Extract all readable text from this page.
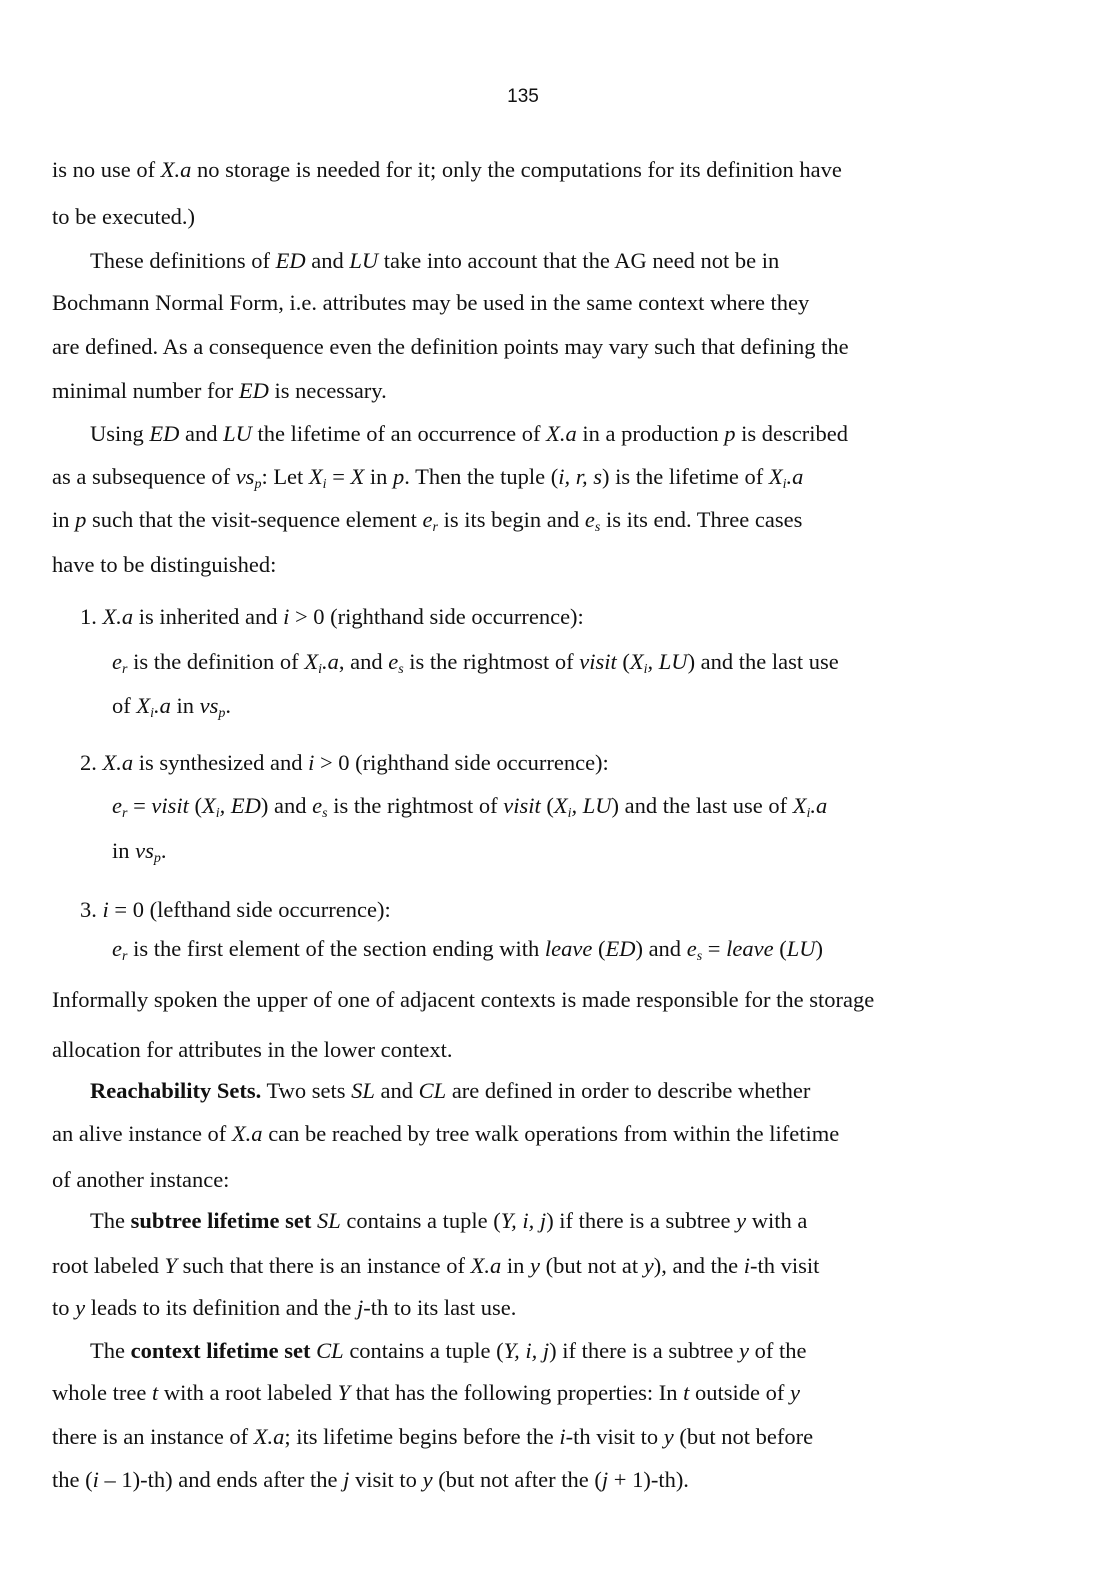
135
is no use of X.a no storage is needed for it; only the computations for its definition have
to be executed.)
These definitions of ED and LU take into account that the AG need not be in
Bochmann Normal Form, i.e. attributes may be used in the same context where they
are defined. As a consequence even the definition points may vary such that defining the
minimal number for ED is necessary.
Using ED and LU the lifetime of an occurrence of X.a in a production p is described
as a subsequence of $vs_p$: Let $X_i = X$ in p. Then the tuple (i, r, s) is the lifetime of $X_i.a$
in p such that the visit-sequence element $e_r$ is its begin and $e_s$ is its end. Three cases
have to be distinguished:
1. X.a is inherited and i > 0 (righthand side occurrence):
$e_r$ is the definition of $X_i.a$, and $e_s$ is the rightmost of visit ($X_i$, LU) and the last use
of $X_i.a$ in $vs_p$.
2. X.a is synthesized and i > 0 (righthand side occurrence):
$e_r$ = visit ($X_i$, ED) and $e_s$ is the rightmost of visit ($X_i$, LU) and the last use of $X_i.a$
in $vs_p$.
3. i = 0 (lefthand side occurrence):
$e_r$ is the first element of the section ending with leave (ED) and $e_s$ = leave (LU)
Informally spoken the upper of one of adjacent contexts is made responsible for the storage
allocation for attributes in the lower context.
Reachability Sets. Two sets SL and CL are defined in order to describe whether
an alive instance of X.a can be reached by tree walk operations from within the lifetime
of another instance:
The subtree lifetime set SL contains a tuple (Y, i, j) if there is a subtree y with a
root labeled Y such that there is an instance of X.a in y (but not at y), and the i-th visit
to y leads to its definition and the j-th to its last use.
The context lifetime set CL contains a tuple (Y, i, j) if there is a subtree y of the
whole tree t with a root labeled Y that has the following properties: In t outside of y
there is an instance of X.a; its lifetime begins before the i-th visit to y (but not before
the (i – 1)-th) and ends after the j visit to y (but not after the (j + 1)-th).
